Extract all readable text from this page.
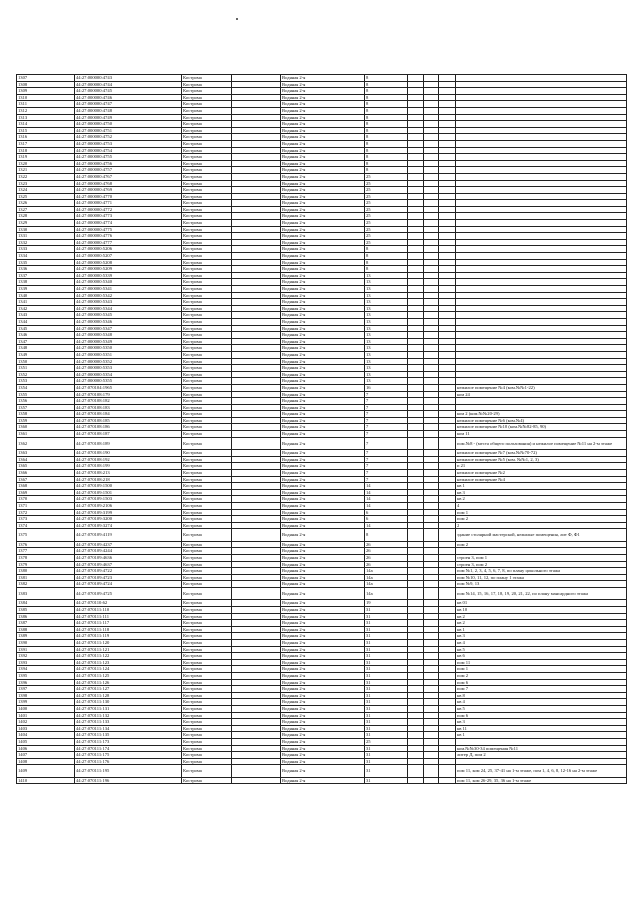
1307	44:27:000000:4743	Кострома		Водяная 2-я	8				
1308	44:27:000000:4744	Кострома		Водяная 2-я	8				
1309	44:27:000000:4745	Кострома		Водяная 2-я	8				
1310	44:27:000000:4746	Кострома		Водяная 2-я	8				
1311	44:27:000000:4747	Кострома		Водяная 2-я	8				
1312	44:27:000000:4748	Кострома		Водяная 2-я	8				
1313	44:27:000000:4749	Кострома		Водяная 2-я	8				
1314	44:27:000000:4750	Кострома		Водяная 2-я	8				
1315	44:27:000000:4751	Кострома		Водяная 2-я	8				
1316	44:27:000000:4752	Кострома		Водяная 2-я	8				
1317	44:27:000000:4753	Кострома		Водяная 2-я	8				
1318	44:27:000000:4754	Кострома		Водяная 2-я	8				
1319	44:27:000000:4755	Кострома		Водяная 2-я	8				
1320	44:27:000000:4756	Кострома		Водяная 2-я	8				
1321	44:27:000000:4757	Кострома		Водяная 2-я	8				
1322	44:27:000000:4767	Кострома		Водяная 2-я	25				
1323	44:27:000000:4768	Кострома		Водяная 2-я	25				
1324	44:27:000000:4769	Кострома		Водяная 2-я	25				
1325	44:27:000000:4770	Кострома		Водяная 2-я	25				
1326	44:27:000000:4771	Кострома		Водяная 2-я	25				
1327	44:27:000000:4772	Кострома		Водяная 2-я	25				
1328	44:27:000000:4773	Кострома		Водяная 2-я	25				
1329	44:27:000000:4774	Кострома		Водяная 2-я	25				
1330	44:27:000000:4775	Кострома		Водяная 2-я	25				
1331	44:27:000000:4776	Кострома		Водяная 2-я	25				
1332	44:27:000000:4777	Кострома		Водяная 2-я	25				
1333	44:27:000000:5206	Кострома		Водяная 2-я	8				
1334	44:27:000000:5207	Кострома		Водяная 2-я	8				
1335	44:27:000000:5208	Кострома		Водяная 2-я	8				
1336	44:27:000000:5209	Кострома		Водяная 2-я	8				
1337	44:27:000000:5339	Кострома		Водяная 2-я	13				
1338	44:27:000000:5340	Кострома		Водяная 2-я	13				
1339	44:27:000000:5341	Кострома		Водяная 2-я	13				
1340	44:27:000000:5342	Кострома		Водяная 2-я	13				
1341	44:27:000000:5343	Кострома		Водяная 2-я	13				
1342	44:27:000000:5344	Кострома		Водяная 2-я	13				
1343	44:27:000000:5345	Кострома		Водяная 2-я	13				
1344	44:27:000000:5346	Кострома		Водяная 2-я	13				
1345	44:27:000000:5347	Кострома		Водяная 2-я	13				
1346	44:27:000000:5348	Кострома		Водяная 2-я	13				
1347	44:27:000000:5349	Кострома		Водяная 2-я	13				
1348	44:27:000000:5350	Кострома		Водяная 2-я	13				
1349	44:27:000000:5351	Кострома		Водяная 2-я	13				
1350	44:27:000000:5352	Кострома		Водяная 2-я	13				
1351	44:27:000000:5353	Кострома		Водяная 2-я	13				
1352	44:27:000000:5354	Кострома		Водяная 2-я	13				
1353	44:27:000000:5355	Кострома		Водяная 2-я	13				
1354	44:27:070104:1965	Кострома		Водяная 2-я	16				нежилое помещение №4 (ком.№№1-22)
1355	44:27:070108:179	Кострома		Водяная 2-я	7				ком 24
1356	44:27:070108:182	Кострома		Водяная 2-я	7				
1357	44:27:070108:183	Кострома		Водяная 2-я	7				
1358	44:27:070108:184	Кострома		Водяная 2-я	7				ком 2 (ком.№№20-29)
1359	44:27:070108:185	Кострома		Водяная 2-я	7				нежилое помещение №6 (ком.№4)
1360	44:27:070108:186	Кострома		Водяная 2-я	7				нежилое помещение №10 (ком.№№82-85, 90)
1361	44:27:070108:187	Кострома		Водяная 2-я	7				ком 11
1362	44:27:070108:189	Кострома		Водяная 2-я	7				пом.№8 - (места общего пользования) и нежилое помещение №11 на 2-м этаже
1363	44:27:070108:190	Кострома		Водяная 2-я	7				нежилое помещение №7 (ком.№№70-72)
1364	44:27:070108:192	Кострома		Водяная 2-я	7				нежилое помещение №5 (ком. №№1, 2, 3)
1365	44:27:070108:199	Кострома		Водяная 2-я	7				п 21
1366	44:27:070108:213	Кострома		Водяная 2-я	7				нежилое помещение №2
1367	44:27:070108:218	Кострома		Водяная 2-я	7				нежилое помещение №4
1368	44:27:070109:1500	Кострома		Водяная 2-я	14				кв 1
1369	44:27:070109:1501	Кострома		Водяная 2-я	14				кв 3
1370	44:27:070109:1503	Кострома		Водяная 2-я	14				кв 2
1371	44:27:070109:2106	Кострома		Водяная 2-я	14				4
1372	44:27:070109:3199	Кострома		Водяная 2-я	6				пом 1
1373	44:27:070109:3200	Кострома		Водяная 2-я	6				пом 2
1374	44:27:070109:3274	Кострома		Водяная 2-я	14				2
1375	44:27:070109:4119	Кострома		Водяная 2-я	8				здание столярной мастерской, нежилые помещения, лит Ф, Ф1
1376	44:27:070109:4237	Кострома		Водяная 2-я	26				пом 2
1377	44:27:070109:4244	Кострома		Водяная 2-я	26				
1378	44:27:070109:4636	Кострома		Водяная 2-я	26				строен 3, пом 1
1379	44:27:070109:4637	Кострома		Водяная 2-я	26				строен 3, пом 2
1380	44:27:070109:4722	Кострома		Водяная 2-я	14а				пом №1, 2, 3, 4, 5, 6, 7, 8, по плану цокольного этажа
1381	44:27:070109:4723	Кострома		Водяная 2-я	14а				пом №10, 11, 12, по плану 1 этажа
1382	44:27:070109:4724	Кострома		Водяная 2-я	14а				пом №9, 13
1383	44:27:070109:4725	Кострома		Водяная 2-я	14а				пом №14, 15, 16, 17, 18, 19, 20, 21, 22, по плану мансардного этажа
1384	44:27:070110:62	Кострома		Водяная 2-я	19				кв 01
1385	44:27:070111:110	Кострома		Водяная 2-я	31				кв 10
1386	44:27:070111:111	Кострома		Водяная 2-я	31				кв 2
1387	44:27:070111:117	Кострома		Водяная 2-я	31				кв 2
1388	44:27:070111:118	Кострома		Водяная 2-я	31				кв 1
1389	44:27:070111:119	Кострома		Водяная 2-я	31				кв 3
1390	44:27:070111:120	Кострома		Водяная 2-я	31				кв 4
1391	44:27:070111:121	Кострома		Водяная 2-я	31				кв 5
1392	44:27:070111:122	Кострома		Водяная 2-я	31				кв 6
1393	44:27:070111:123	Кострома		Водяная 2-я	31				пом 11
1394	44:27:070111:124	Кострома		Водяная 2-я	31				пом 1
1395	44:27:070111:125	Кострома		Водяная 2-я	31				пом 2
1396	44:27:070111:126	Кострома		Водяная 2-я	31				пом 6
1397	44:27:070111:127	Кострома		Водяная 2-я	31				пом 7
1398	44:27:070111:128	Кострома		Водяная 2-я	31				кв 8
1399	44:27:070111:130	Кострома		Водяная 2-я	31				кв 4
1400	44:27:070111:131	Кострома		Водяная 2-я	31				кв 5
1401	44:27:070111:132	Кострома		Водяная 2-я	31				пом 6
1402	44:27:070111:133	Кострома		Водяная 2-я	31				кв 3
1403	44:27:070111:134	Кострома		Водяная 2-я	31				кв 11
1404	44:27:070111:135	Кострома		Водяная 2-я	31				кв 1
1405	44:27:070111:173	Кострома		Водяная 2-я	25				
1406	44:27:070111:174	Кострома		Водяная 2-я	31				ком.№№30-34 помещения №11
1407	44:27:070111:175	Кострома		Водяная 2-я	31				литер Д, пом 2
1408	44:27:070111:176	Кострома		Водяная 2-я	31				
1409	44:27:070111:195	Кострома		Водяная 2-я	31				пом 11, ком 24, 25, 37-41 на 1-м этаже, пом 1, 4, 6, 8, 12-16 на 2-м этаже
1410	44:27:070111:196	Кострома		Водяная 2-я	31				пом 11, ком 26-29, 35, 36 на 1-м этаже
